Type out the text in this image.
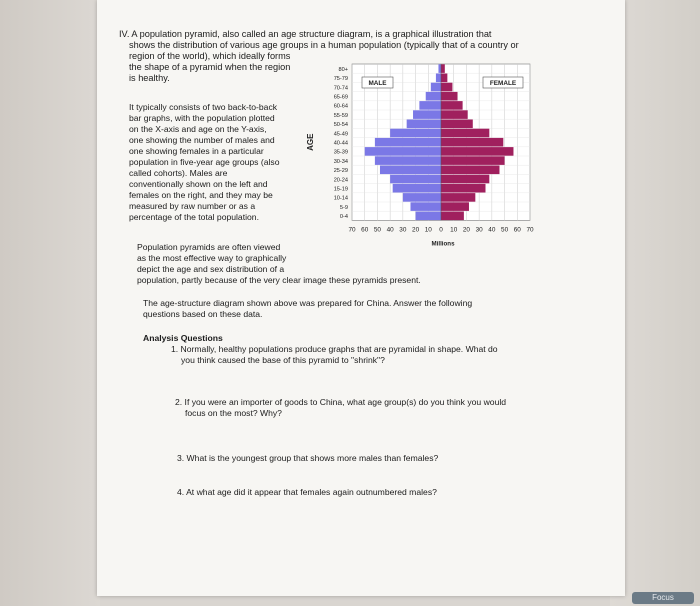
IV. A population pyramid, also called an age structure diagram, is a graphical illustration that
shows the distribution of various age groups in a human population (typically that of a country or
region of the world), which ideally forms
the shape of a pyramid when the region
is healthy.
It typically consists of two back-to-back
bar graphs, with the population plotted
on the X-axis and age on the Y-axis,
one showing the number of males and
one showing females in a particular
population in five-year age groups (also
called cohorts). Males are
conventionally shown on the left and
females on the right, and they may be
measured by raw number or as a
percentage of the total population.
Population pyramids are often viewed
as the most effective way to graphically
depict the age and sex distribution of a
population, partly because of the very clear image these pyramids present.
The age-structure diagram shown above was prepared for China. Answer the following
questions based on these data.
Analysis Questions
1. Normally, healthy populations produce graphs that are pyramidal in shape. What do
you think caused the base of this pyramid to "shrink"?
2. If you were an importer of goods to China, what age group(s) do you think you would
focus on the most? Why?
3. What is the youngest group that shows more males than females?
4. At what age did it appear that females again outnumbered males?
80+
75-79
70-74
65-69
60-64
55-59
50-54
45-49
40-44
35-39
30-34
25-29
20-24
15-19
10-14
5-9
0-4
70 60 50 40 30 20 10 0 10 20 30 40 50 60 70
AGE
Millions
MALE	FEMALE
Focus
